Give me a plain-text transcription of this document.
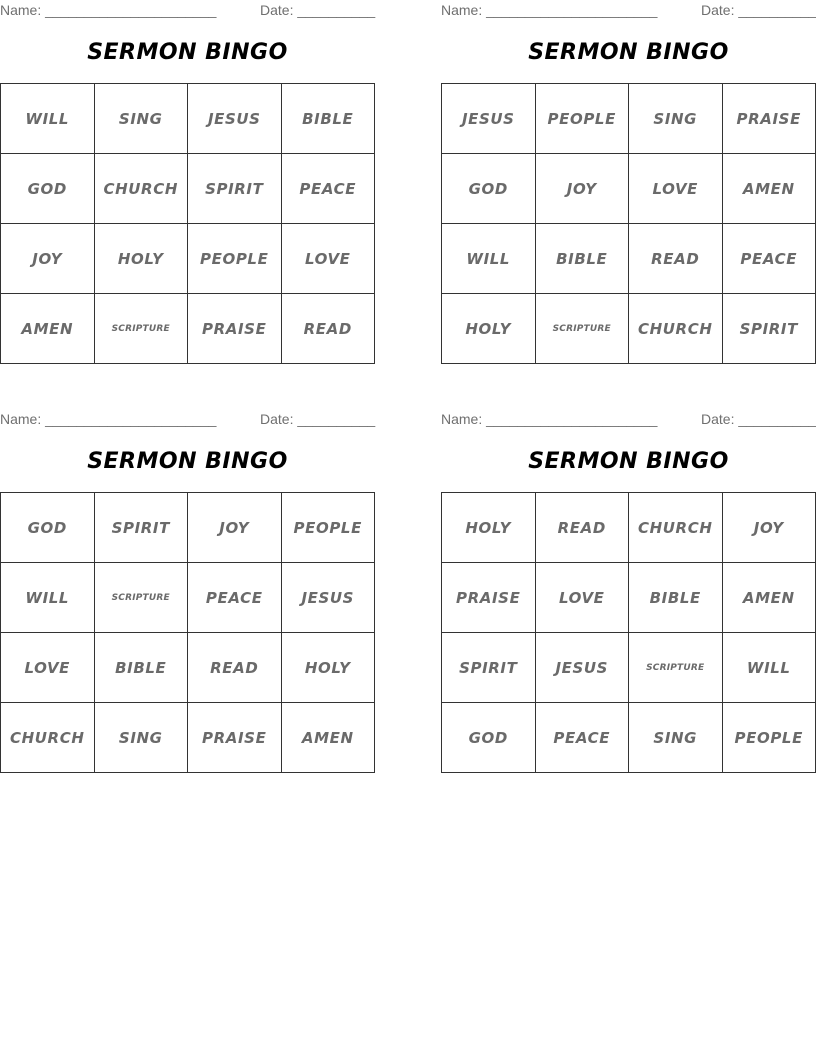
Name: ______________________	Date: __________
SERMON BINGO
WILL	SING	JESUS	BIBLE
GOD	CHURCH	SPIRIT	PEACE
JOY	HOLY	PEOPLE	LOVE
AMEN	SCRIPTURE	PRAISE	READ
Name: ______________________	Date: __________
SERMON BINGO
JESUS	PEOPLE	SING	PRAISE
GOD	JOY	LOVE	AMEN
WILL	BIBLE	READ	PEACE
HOLY	SCRIPTURE	CHURCH	SPIRIT
Name: ______________________	Date: __________
SERMON BINGO
GOD	SPIRIT	JOY	PEOPLE
WILL	SCRIPTURE	PEACE	JESUS
LOVE	BIBLE	READ	HOLY
CHURCH	SING	PRAISE	AMEN
Name: ______________________	Date: __________
SERMON BINGO
HOLY	READ	CHURCH	JOY
PRAISE	LOVE	BIBLE	AMEN
SPIRIT	JESUS	SCRIPTURE	WILL
GOD	PEACE	SING	PEOPLE
